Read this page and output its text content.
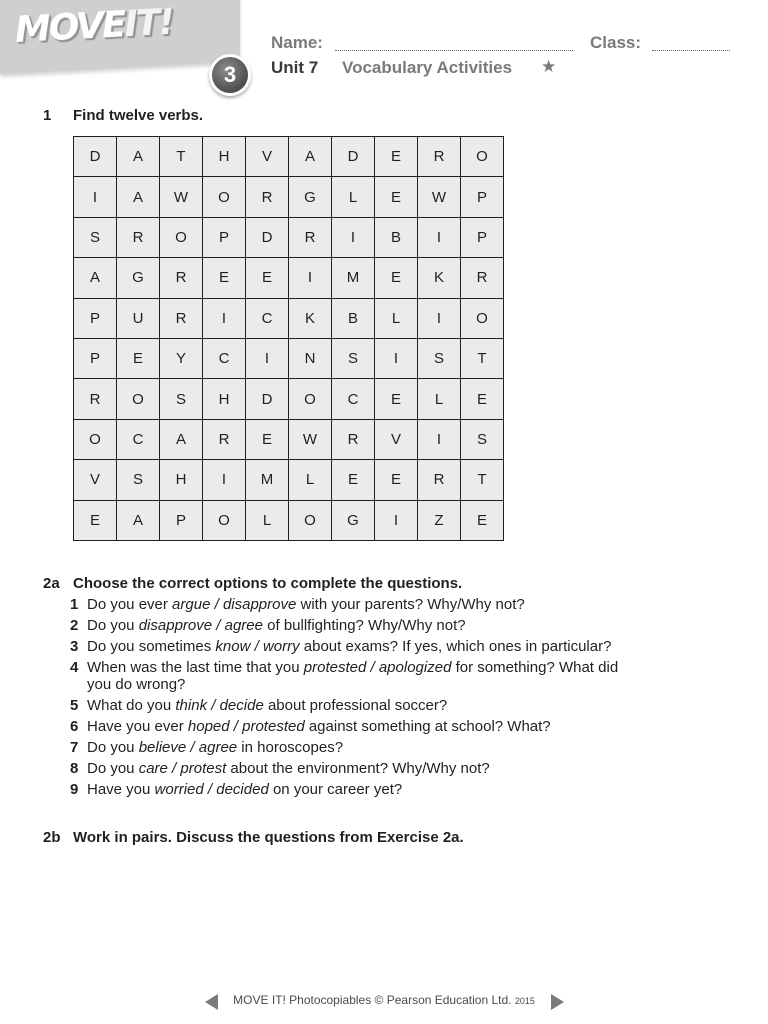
MOVEIT!
3
Name:	Class:
Unit 7 Vocabulary Activities ★
1 Find twelve verbs.
D	A	T	H	V	A	D	E	R	O
I	A	W	O	R	G	L	E	W	P
S	R	O	P	D	R	I	B	I	P
A	G	R	E	E	I	M	E	K	R
P	U	R	I	C	K	B	L	I	O
P	E	Y	C	I	N	S	I	S	T
R	O	S	H	D	O	C	E	L	E
O	C	A	R	E	W	R	V	I	S
V	S	H	I	M	L	E	E	R	T
E	A	P	O	L	O	G	I	Z	E
2a Choose the correct options to complete the questions.
1 Do you ever argue / disapprove with your parents? Why/Why not?
2 Do you disapprove / agree of bullfighting? Why/Why not?
3 Do you sometimes know / worry about exams? If yes, which ones in particular?
4 When was the last time that you protested / apologized for something? What did you do wrong?
5 What do you think / decide about professional soccer?
6 Have you ever hoped / protested against something at school? What?
7 Do you believe / agree in horoscopes?
8 Do you care / protest about the environment? Why/Why not?
9 Have you worried / decided on your career yet?
2b Work in pairs. Discuss the questions from Exercise 2a.
MOVE IT! Photocopiables © Pearson Education Ltd. 2015
